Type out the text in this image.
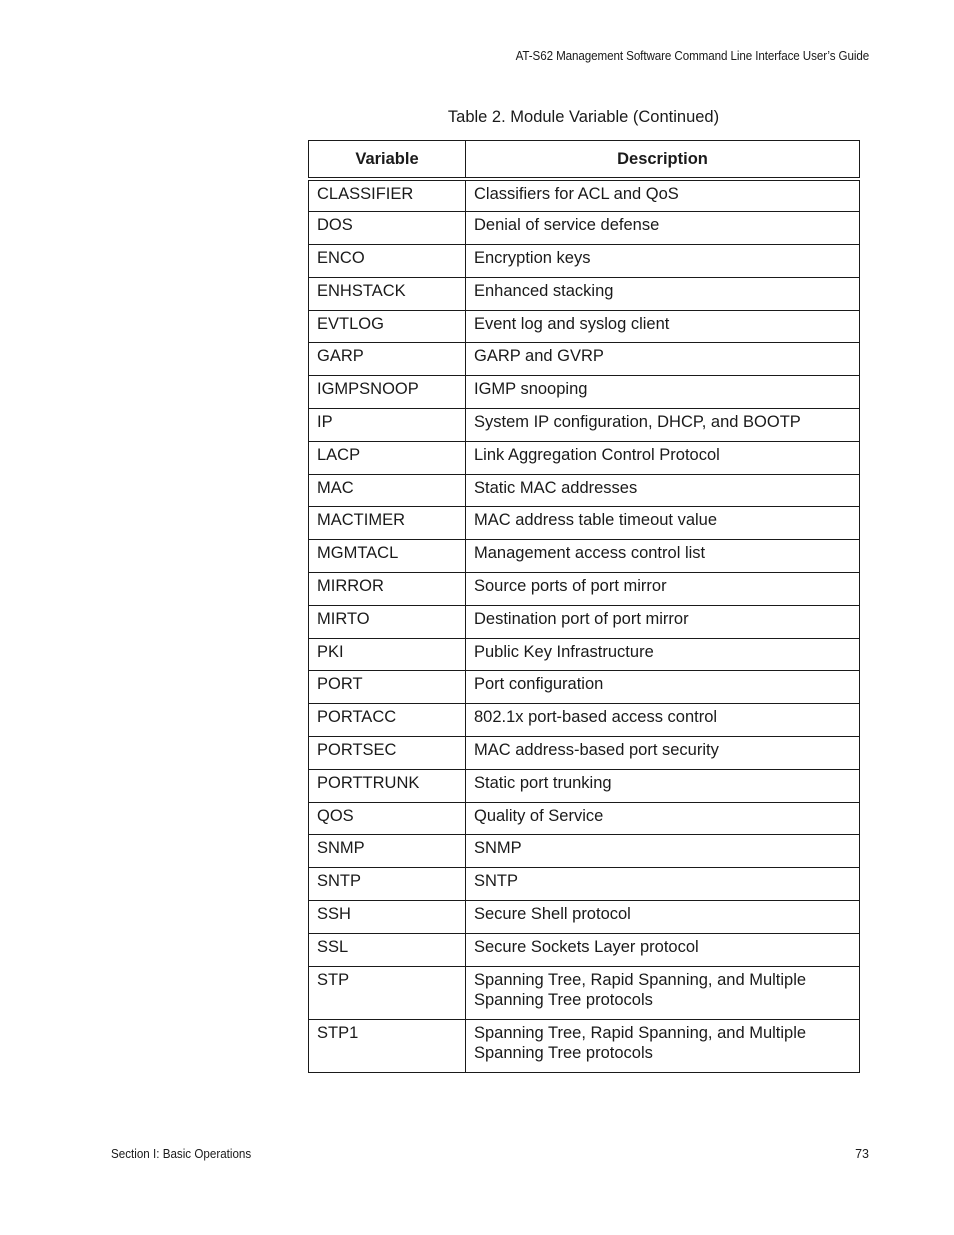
AT-S62 Management Software Command Line Interface User’s Guide
Table 2. Module Variable (Continued)
Variable	Description
CLASSIFIER	Classifiers for ACL and QoS
DOS	Denial of service defense
ENCO	Encryption keys
ENHSTACK	Enhanced stacking
EVTLOG	Event log and syslog client
GARP	GARP and GVRP
IGMPSNOOP	IGMP snooping
IP	System IP configuration, DHCP, and BOOTP
LACP	Link Aggregation Control Protocol
MAC	Static MAC addresses
MACTIMER	MAC address table timeout value
MGMTACL	Management access control list
MIRROR	Source ports of port mirror
MIRTO	Destination port of port mirror
PKI	Public Key Infrastructure
PORT	Port configuration
PORTACC	802.1x port-based access control
PORTSEC	MAC address-based port security
PORTTRUNK	Static port trunking
QOS	Quality of Service
SNMP	SNMP
SNTP	SNTP
SSH	Secure Shell protocol
SSL	Secure Sockets Layer protocol
STP	Spanning Tree, Rapid Spanning, and Multiple Spanning Tree protocols
STP1	Spanning Tree, Rapid Spanning, and Multiple Spanning Tree protocols
Section I: Basic Operations	73
